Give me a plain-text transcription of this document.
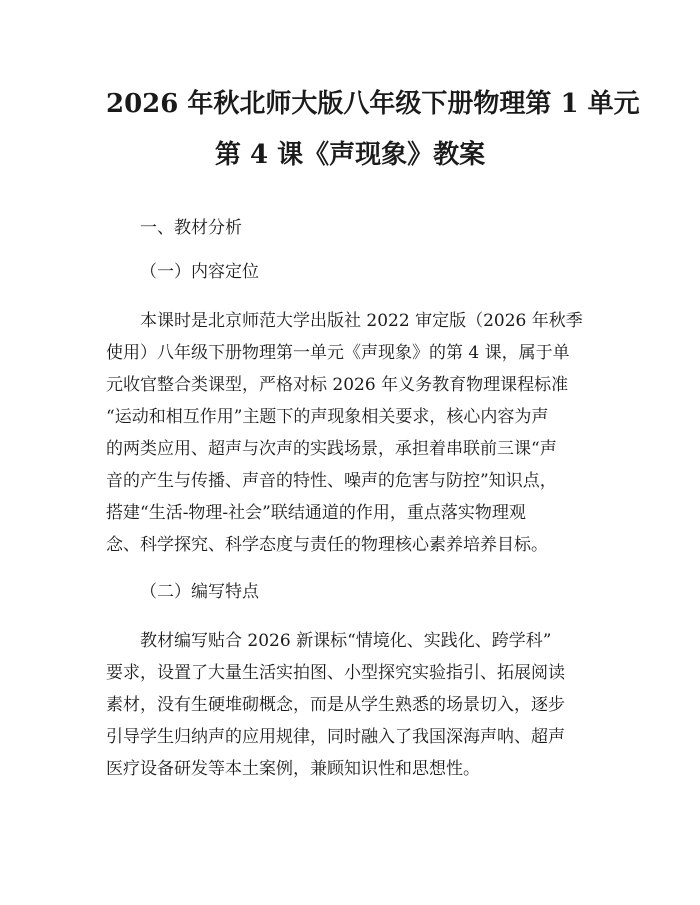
2026 年秋北师大版八年级下册物理第 1 单元
第 4 课《声现象》教案

一、教材分析

（一）内容定位

本课时是北京师范大学出版社 2022 审定版（2026 年秋季
使用）八年级下册物理第一单元《声现象》的第 4 课，属于单
元收官整合类课型，严格对标 2026 年义务教育物理课程标准
“运动和相互作用”主题下的声现象相关要求，核心内容为声
的两类应用、超声与次声的实践场景，承担着串联前三课“声
音的产生与传播、声音的特性、噪声的危害与防控”知识点，
搭建“生活-物理-社会”联结通道的作用，重点落实物理观
念、科学探究、科学态度与责任的物理核心素养培养目标。

（二）编写特点

教材编写贴合 2026 新课标“情境化、实践化、跨学科”
要求，设置了大量生活实拍图、小型探究实验指引、拓展阅读
素材，没有生硬堆砌概念，而是从学生熟悉的场景切入，逐步
引导学生归纳声的应用规律，同时融入了我国深海声呐、超声
医疗设备研发等本土案例，兼顾知识性和思想性。
